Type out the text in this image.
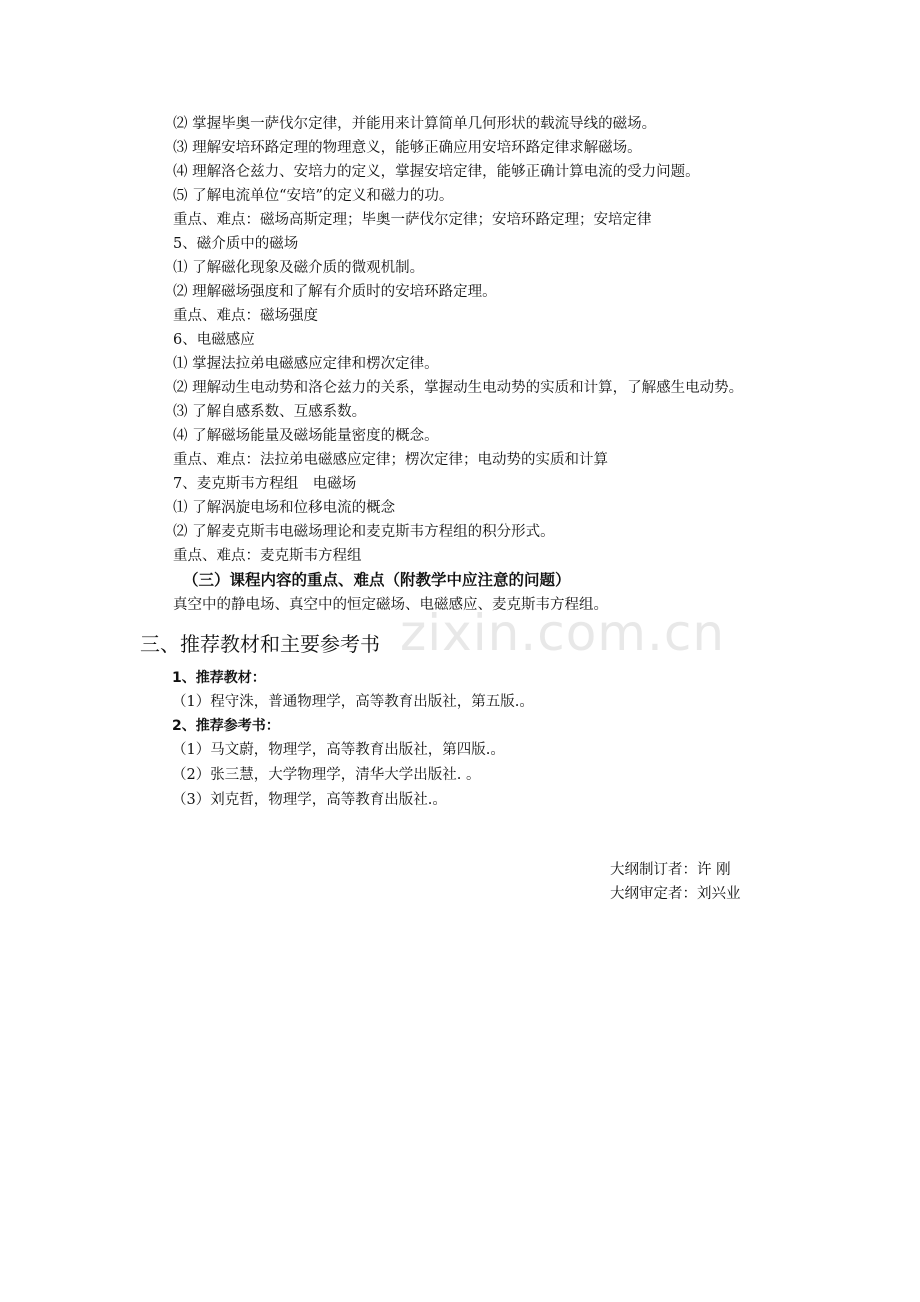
zixin.com.cn
⑵ 掌握毕奥一萨伐尔定律，并能用来计算简单几何形状的载流导线的磁场。
⑶ 理解安培环路定理的物理意义，能够正确应用安培环路定律求解磁场。
⑷ 理解洛仑兹力、安培力的定义，掌握安培定律，能够正确计算电流的受力问题。
⑸ 了解电流单位“安培”的定义和磁力的功。
重点、难点：磁场高斯定理；毕奥一萨伐尔定律；安培环路定理；安培定律
5、磁介质中的磁场
⑴ 了解磁化现象及磁介质的微观机制。
⑵ 理解磁场强度和了解有介质时的安培环路定理。
重点、难点：磁场强度
6、电磁感应
⑴ 掌握法拉弟电磁感应定律和楞次定律。
⑵ 理解动生电动势和洛仑兹力的关系，掌握动生电动势的实质和计算，了解感生电动势。
⑶ 了解自感系数、互感系数。
⑷ 了解磁场能量及磁场能量密度的概念。
重点、难点：法拉弟电磁感应定律；楞次定律；电动势的实质和计算
7、麦克斯韦方程组　电磁场
⑴ 了解涡旋电场和位移电流的概念
⑵ 了解麦克斯韦电磁场理论和麦克斯韦方程组的积分形式。
重点、难点：麦克斯韦方程组
（三）课程内容的重点、难点（附教学中应注意的问题）
真空中的静电场、真空中的恒定磁场、电磁感应、麦克斯韦方程组。
三、推荐教材和主要参考书
1、推荐教材：
（1）程守洙，普通物理学，高等教育出版社，第五版.。
2、推荐参考书：
（1）马文蔚，物理学，高等教育出版社，第四版.。
（2）张三慧，大学物理学，清华大学出版社. 。
（3）刘克哲，物理学，高等教育出版社.。
大纲制订者：许 刚
大纲审定者：刘兴业
